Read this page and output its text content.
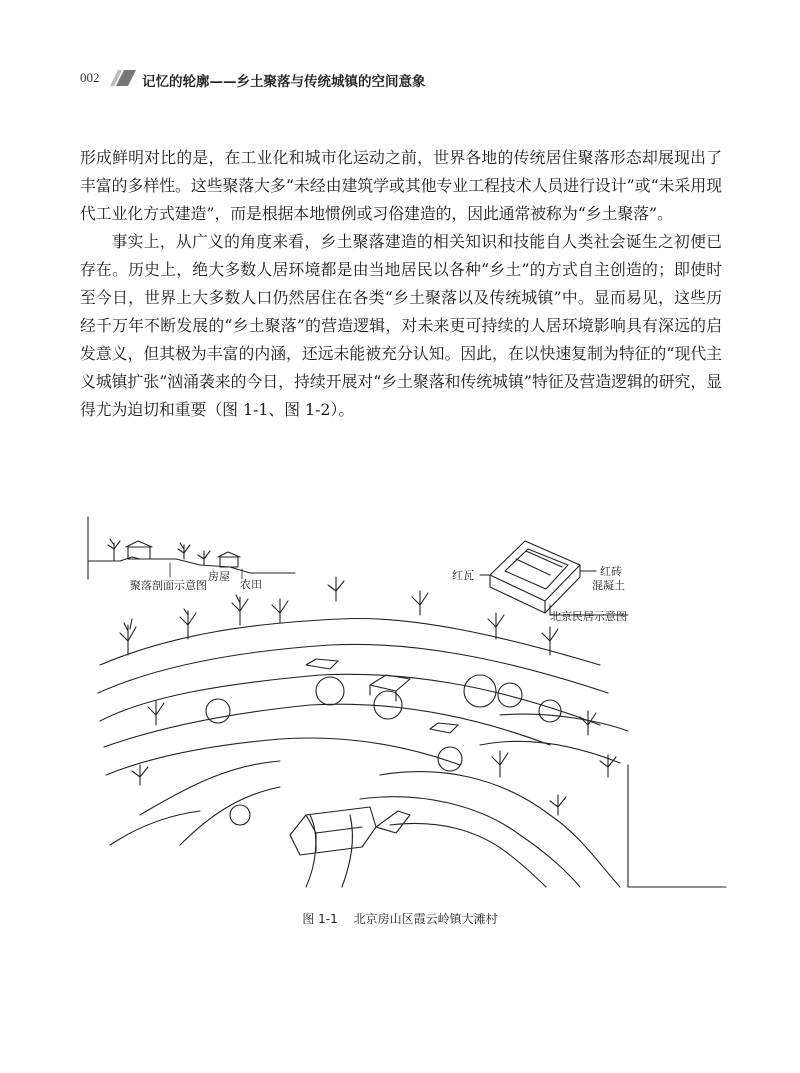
002	记忆的轮廓——乡土聚落与传统城镇的空间意象

形成鲜明对比的是，在工业化和城市化运动之前，世界各地的传统居住聚落形态却展现出了丰富的多样性。这些聚落大多“未经由建筑学或其他专业工程技术人员进行设计”或“未采用现代工业化方式建造”，而是根据本地惯例或习俗建造的，因此通常被称为“乡土聚落”。

事实上，从广义的角度来看，乡土聚落建造的相关知识和技能自人类社会诞生之初便已存在。历史上，绝大多数人居环境都是由当地居民以各种“乡土”的方式自主创造的；即使时至今日，世界上大多数人口仍然居住在各类“乡土聚落以及传统城镇”中。显而易见，这些历经千万年不断发展的“乡土聚落”的营造逻辑，对未来更可持续的人居环境影响具有深远的启发意义，但其极为丰富的内涵，还远未能被充分认知。因此，在以快速复制为特征的“现代主义城镇扩张”汹涌袭来的今日，持续开展对“乡土聚落和传统城镇”特征及营造逻辑的研究，显得尤为迫切和重要（图 1-1、图 1-2）。

房屋
农田
聚落剖面示意图
红瓦	红砖
混凝土
北京民居示意图
图 1-1 北京房山区霞云岭镇大滩村
